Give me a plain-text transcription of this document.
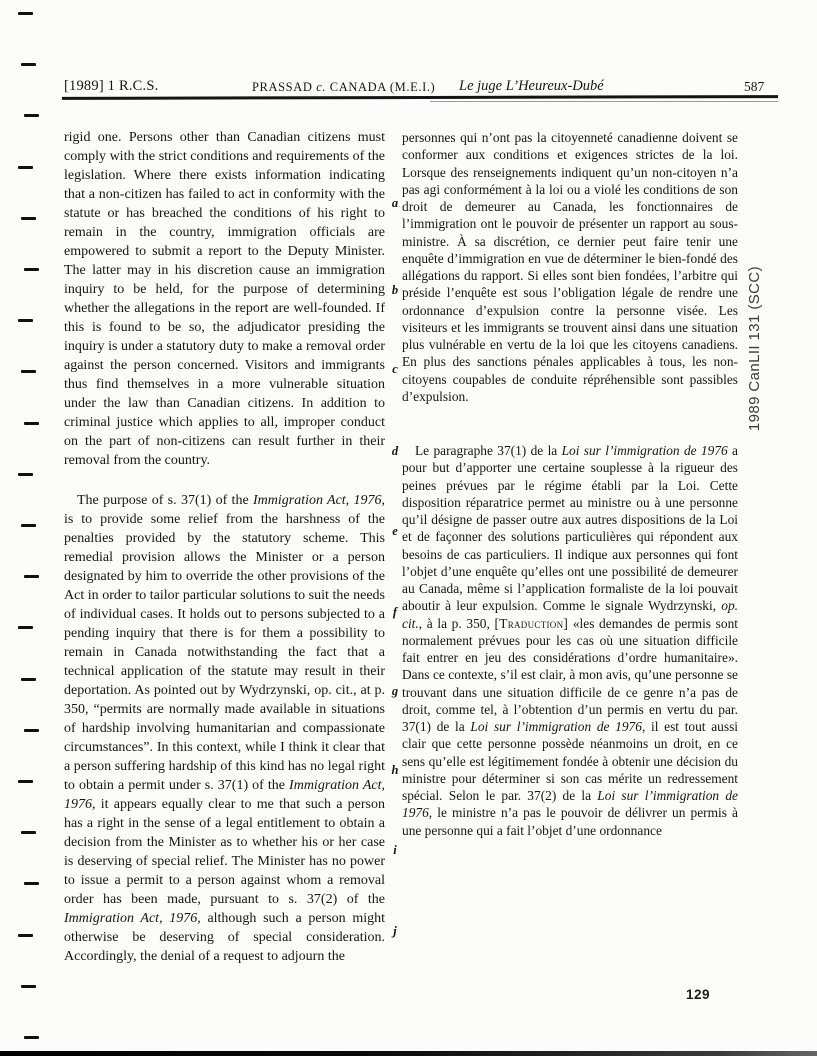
[1989] 1 R.C.S.	PRASSAD c. CANADA (M.E.I.) Le juge L’Heureux-Dubé	587

rigid one. Persons other than Canadian citizens must comply with the strict conditions and requirements of the legislation. Where there exists information indicating that a non-citizen has failed to act in conformity with the statute or has breached the conditions of his right to remain in the country, immigration officials are empowered to submit a report to the Deputy Minister. The latter may in his discretion cause an immigration inquiry to be held, for the purpose of determining whether the allegations in the report are well-founded. If this is found to be so, the adjudicator presiding the inquiry is under a statutory duty to make a removal order against the person concerned. Visitors and immigrants thus find themselves in a more vulnerable situation under the law than Canadian citizens. In addition to criminal justice which applies to all, improper conduct on the part of non-citizens can result further in their removal from the country.

The purpose of s. 37(1) of the Immigration Act, 1976, is to provide some relief from the harshness of the penalties provided by the statutory scheme. This remedial provision allows the Minister or a person designated by him to override the other provisions of the Act in order to tailor particular solutions to suit the needs of individual cases. It holds out to persons subjected to a pending inquiry that there is for them a possibility to remain in Canada notwithstanding the fact that a technical application of the statute may result in their deportation. As pointed out by Wydrzynski, op. cit., at p. 350, “permits are normally made available in situations of hardship involving humanitarian and compassionate circumstances”. In this context, while I think it clear that a person suffering hardship of this kind has no legal right to obtain a permit under s. 37(1) of the Immigration Act, 1976, it appears equally clear to me that such a person has a right in the sense of a legal entitlement to obtain a decision from the Minister as to whether his or her case is deserving of special relief. The Minister has no power to issue a permit to a person against whom a removal order has been made, pursuant to s. 37(2) of the Immigration Act, 1976, although such a person might otherwise be deserving of special consideration. Accordingly, the denial of a request to adjourn the

personnes qui n’ont pas la citoyenneté canadienne doivent se conformer aux conditions et exigences strictes de la loi. Lorsque des renseignements indiquent qu’un non-citoyen n’a pas agi conformément à la loi ou a violé les conditions de son droit de demeurer au Canada, les fonctionnaires de l’immigration ont le pouvoir de présenter un rapport au sous-ministre. À sa discrétion, ce dernier peut faire tenir une enquête d’immigration en vue de déterminer le bien-fondé des allégations du rapport. Si elles sont bien fondées, l’arbitre qui préside l’enquête est sous l’obligation légale de rendre une ordonnance d’expulsion contre la personne visée. Les visiteurs et les immigrants se trouvent ainsi dans une situation plus vulnérable en vertu de la loi que les citoyens canadiens. En plus des sanctions pénales applicables à tous, les non-citoyens coupables de conduite répréhensible sont passibles d’expulsion.

Le paragraphe 37(1) de la Loi sur l’immigration de 1976 a pour but d’apporter une certaine souplesse à la rigueur des peines prévues par le régime établi par la Loi. Cette disposition réparatrice permet au ministre ou à une personne qu’il désigne de passer outre aux autres dispositions de la Loi et de façonner des solutions particulières qui répondent aux besoins de cas particuliers. Il indique aux personnes qui font l’objet d’une enquête qu’elles ont une possibilité de demeurer au Canada, même si l’application formaliste de la loi pouvait aboutir à leur expulsion. Comme le signale Wydrzynski, op. cit., à la p. 350, [Traduction] «les demandes de permis sont normalement prévues pour les cas où une situation difficile fait entrer en jeu des considérations d’ordre humanitaire». Dans ce contexte, s’il est clair, à mon avis, qu’une personne se trouvant dans une situation difficile de ce genre n’a pas de droit, comme tel, à l’obtention d’un permis en vertu du par. 37(1) de la Loi sur l’immigration de 1976, il est tout aussi clair que cette personne possède néanmoins un droit, en ce sens qu’elle est légitimement fondée à obtenir une décision du ministre pour déterminer si son cas mérite un redressement spécial. Selon le par. 37(2) de la Loi sur l’immigration de 1976, le ministre n’a pas le pouvoir de délivrer un permis à une personne qui a fait l’objet d’une ordonnance

a
b
c
d
e
f
g
h
i
j
1989 CanLII 131 (SCC)
129
